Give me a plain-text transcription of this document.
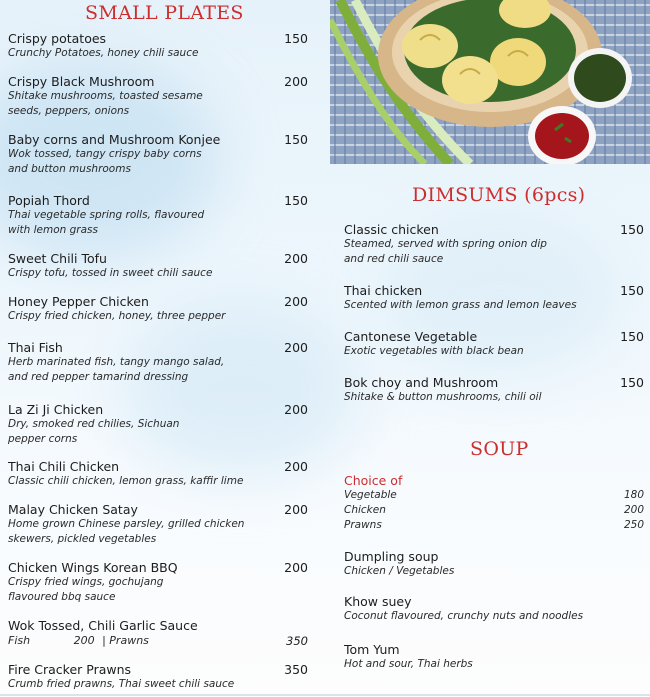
SMALL PLATES
Crispy potatoes
Crunchy Potatoes, honey chili sauce
150
Crispy Black Mushroom
Shitake mushrooms, toasted sesame seeds, peppers, onions
200
Baby corns and Mushroom Konjee
Wok tossed, tangy crispy baby corns and button mushrooms
150
Popiah Thord
Thai vegetable spring rolls, flavoured with lemon grass
150
Sweet Chili Tofu
Crispy tofu, tossed in sweet chili sauce
200
Honey Pepper Chicken
Crispy fried chicken, honey, three pepper
200
Thai Fish
Herb marinated fish, tangy mango salad, and red pepper tamarind dressing
200
La Zi Ji Chicken
Dry, smoked red chilies, Sichuan pepper corns
200
Thai Chili Chicken
Classic chili chicken, lemon grass, kaffir lime
200
Malay Chicken Satay
Home grown Chinese parsley, grilled chicken skewers, pickled vegetables
200
Chicken Wings Korean BBQ
Crispy fried wings, gochujang flavoured bbq sauce
200
Wok Tossed, Chili Garlic Sauce
Fish	200 | Prawns	350
Fire Cracker Prawns
Crumb fried prawns, Thai sweet chili sauce
350
DIMSUMS (6pcs)
Classic chicken
Steamed, served with spring onion dip and red chili sauce
150
Thai chicken
Scented with lemon grass and lemon leaves
150
Cantonese Vegetable
Exotic vegetables with black bean
150
Bok choy and Mushroom
Shitake & button mushrooms, chili oil
150
SOUP
Choice of
Vegetable	180
Chicken	200
Prawns	250
Dumpling soup
Chicken / Vegetables
Khow suey
Coconut flavoured, crunchy nuts and noodles
Tom Yum
Hot and sour, Thai herbs
